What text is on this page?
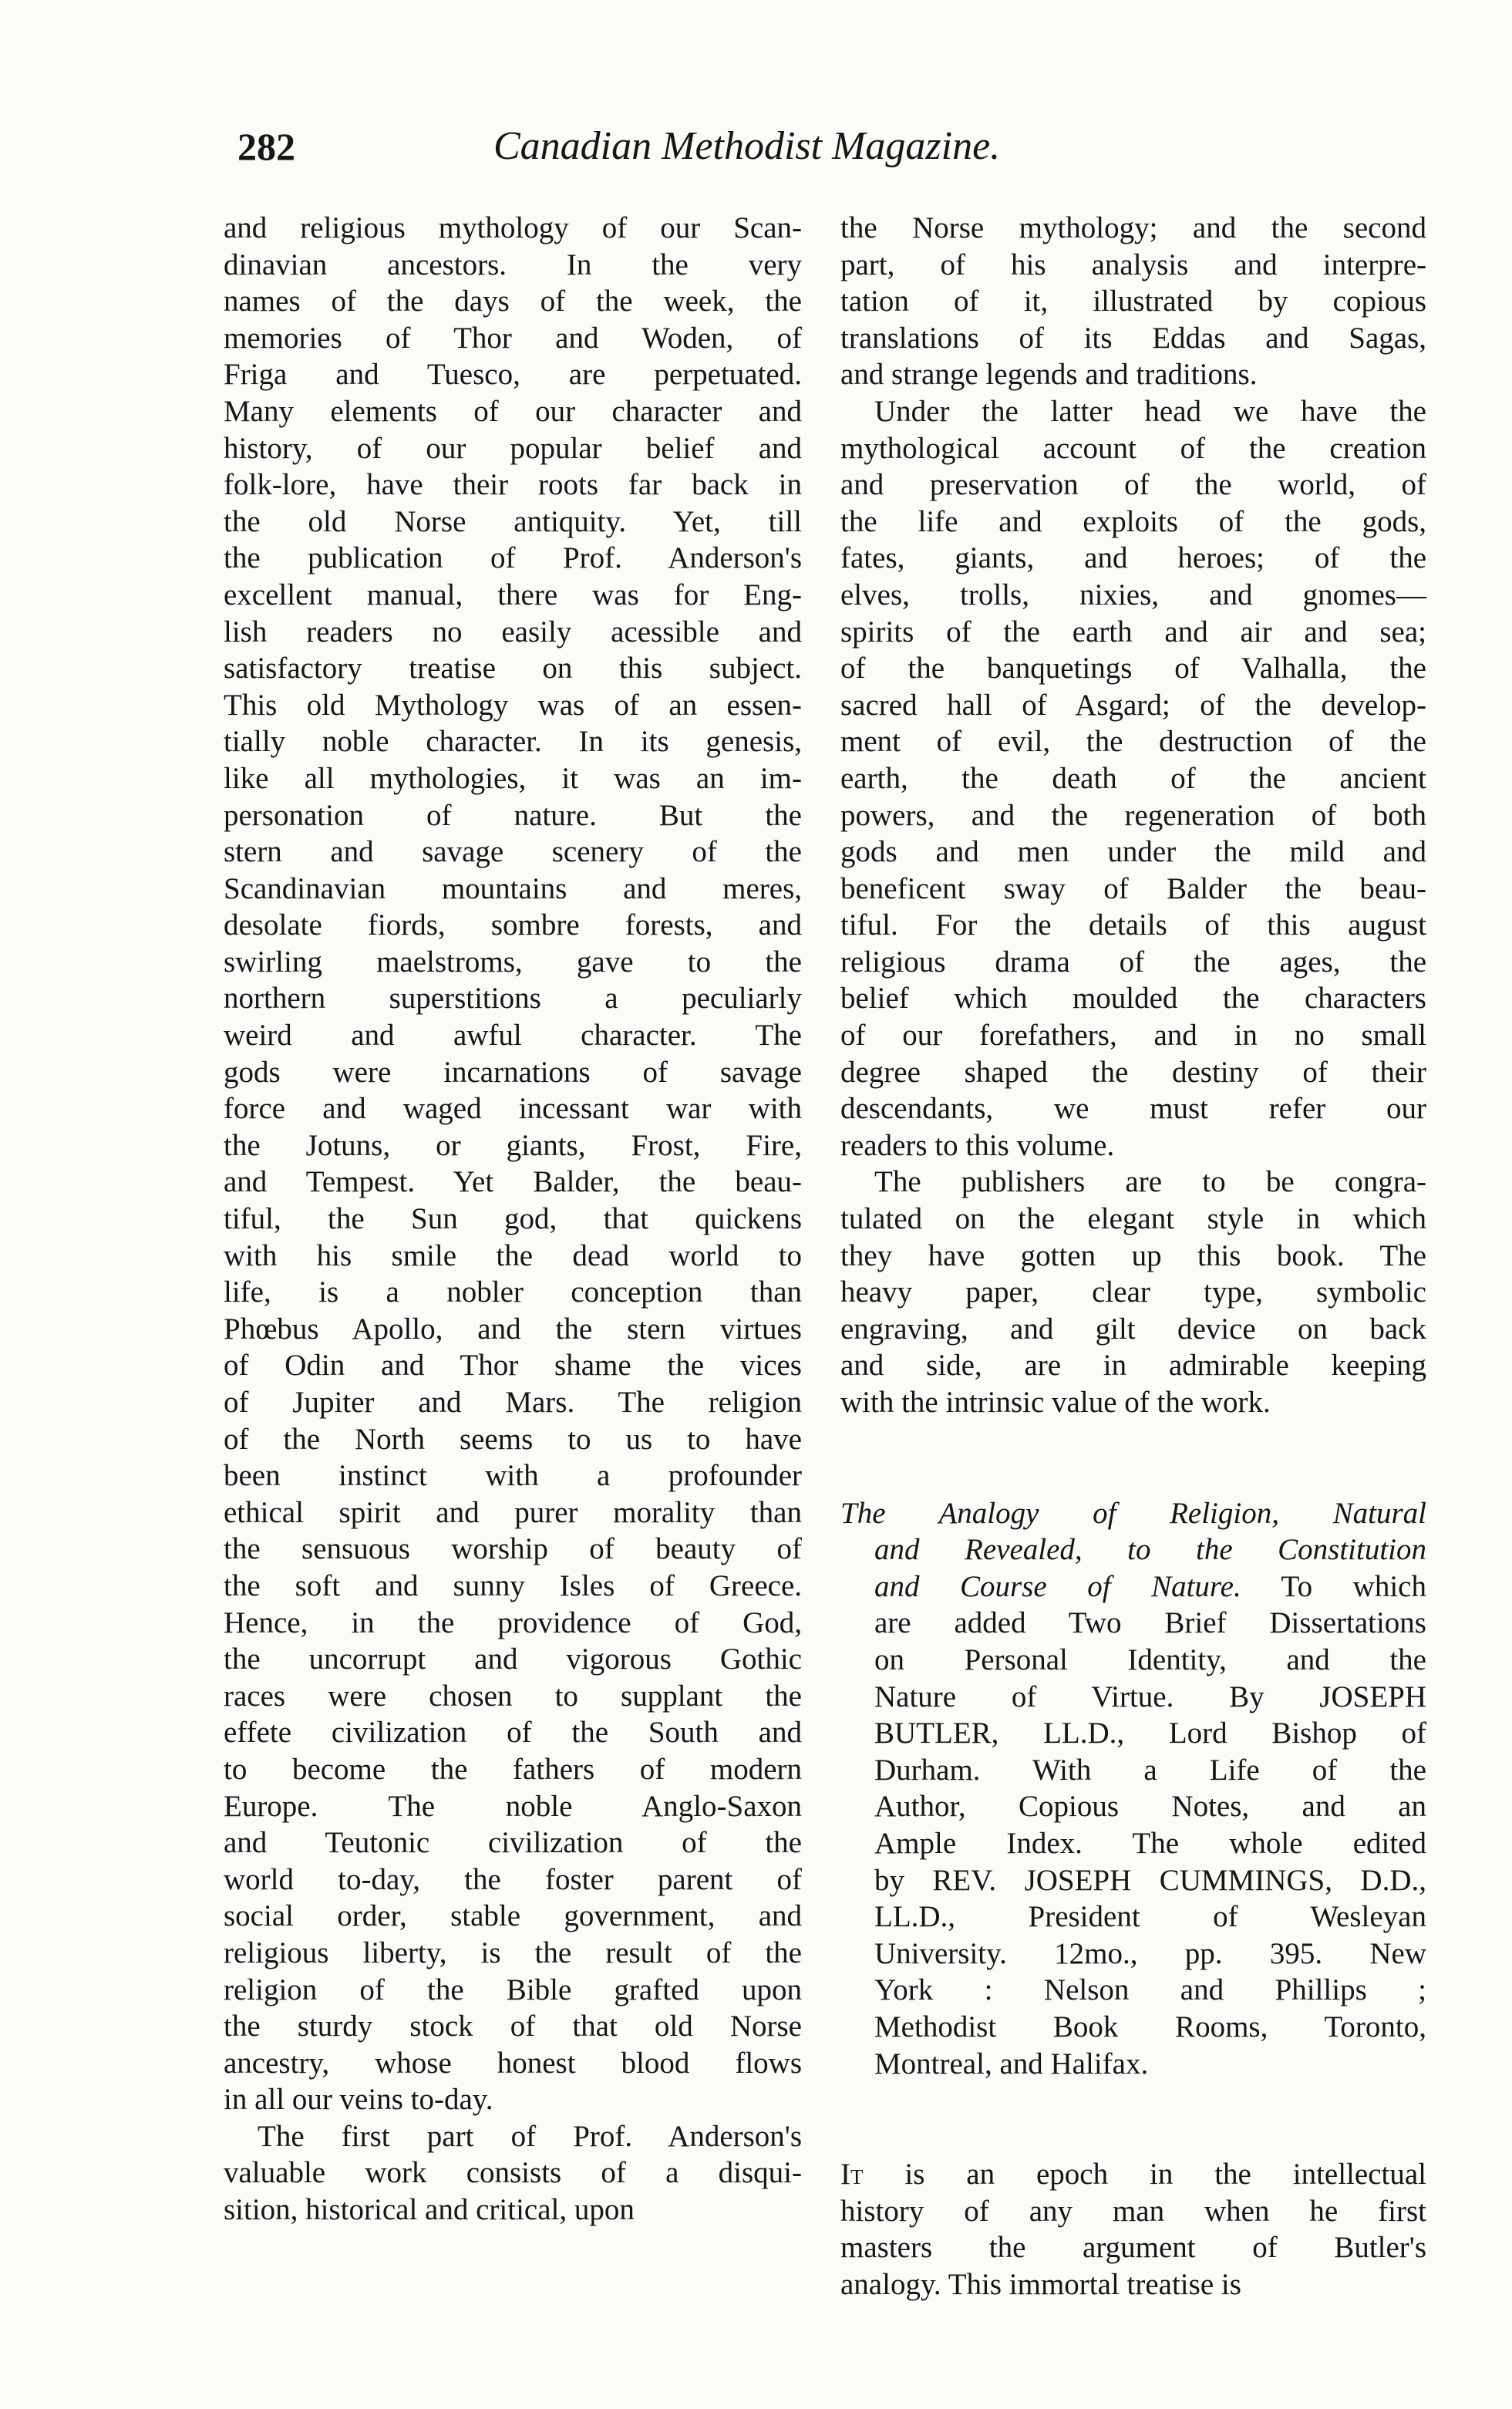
282	Canadian Methodist Magazine.
and religious mythology of our Scan-
dinavian ancestors. In the very
names of the days of the week, the
memories of Thor and Woden, of
Friga and Tuesco, are perpetuated.
Many elements of our character and
history, of our popular belief and
folk-lore, have their roots far back in
the old Norse antiquity. Yet, till
the publication of Prof. Anderson's
excellent manual, there was for Eng-
lish readers no easily acessible and
satisfactory treatise on this subject.
This old Mythology was of an essen-
tially noble character. In its genesis,
like all mythologies, it was an im-
personation of nature. But the
stern and savage scenery of the
Scandinavian mountains and meres,
desolate fiords, sombre forests, and
swirling maelstroms, gave to the
northern superstitions a peculiarly
weird and awful character. The
gods were incarnations of savage
force and waged incessant war with
the Jotuns, or giants, Frost, Fire,
and Tempest. Yet Balder, the beau-
tiful, the Sun god, that quickens
with his smile the dead world to
life, is a nobler conception than
Phœbus Apollo, and the stern virtues
of Odin and Thor shame the vices
of Jupiter and Mars. The religion
of the North seems to us to have
been instinct with a profounder
ethical spirit and purer morality than
the sensuous worship of beauty of
the soft and sunny Isles of Greece.
Hence, in the providence of God,
the uncorrupt and vigorous Gothic
races were chosen to supplant the
effete civilization of the South and
to become the fathers of modern
Europe. The noble Anglo-Saxon
and Teutonic civilization of the
world to-day, the foster parent of
social order, stable government, and
religious liberty, is the result of the
religion of the Bible grafted upon
the sturdy stock of that old Norse
ancestry, whose honest blood flows
in all our veins to-day.
The first part of Prof. Anderson's
valuable work consists of a disqui-
sition, historical and critical, upon
the Norse mythology; and the second
part, of his analysis and interpre-
tation of it, illustrated by copious
translations of its Eddas and Sagas,
and strange legends and traditions.
Under the latter head we have the
mythological account of the creation
and preservation of the world, of
the life and exploits of the gods,
fates, giants, and heroes; of the
elves, trolls, nixies, and gnomes—
spirits of the earth and air and sea;
of the banquetings of Valhalla, the
sacred hall of Asgard; of the develop-
ment of evil, the destruction of the
earth, the death of the ancient
powers, and the regeneration of both
gods and men under the mild and
beneficent sway of Balder the beau-
tiful. For the details of this august
religious drama of the ages, the
belief which moulded the characters
of our forefathers, and in no small
degree shaped the destiny of their
descendants, we must refer our
readers to this volume.
The publishers are to be congra-
tulated on the elegant style in which
they have gotten up this book. The
heavy paper, clear type, symbolic
engraving, and gilt device on back
and side, are in admirable keeping
with the intrinsic value of the work.
The Analogy of Religion, Natural
and Revealed, to the Constitution
and Course of Nature. To which
are added Two Brief Dissertations
on Personal Identity, and the
Nature of Virtue. By JOSEPH
BUTLER, LL.D., Lord Bishop of
Durham. With a Life of the
Author, Copious Notes, and an
Ample Index. The whole edited
by REV. JOSEPH CUMMINGS, D.D.,
LL.D., President of Wesleyan
University. 12mo., pp. 395. New
York : Nelson and Phillips ;
Methodist Book Rooms, Toronto,
Montreal, and Halifax.
It is an epoch in the intellectual
history of any man when he first
masters the argument of Butler's
analogy. This immortal treatise is
